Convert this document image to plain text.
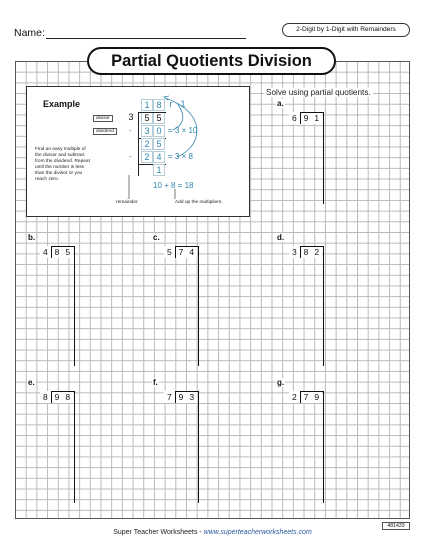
Name:	2-Digit by 1-Digit with Remainders
Partial Quotients Division
Example	1 8 r 1
divisor	3	5 5
dividend	-	3 0 = 3 × 10
2 5
-	2 4 = 3 × 8
1
Find an easy multiple of the divisor and subtract from the dividend. Repeat until the number is less than the divisor or you reach zero.
10 + 8 = 18
remainder	Add up the multipliers.
Solve using partial quotients.
a.
6 9 1
b.
4 8 5
c.
5 7 4
d.
3 8 2
e.
8 9 8
f.
7 9 3
g.
2 7 9
Super Teacher Worksheets - www.superteacherworksheets.com
481433
